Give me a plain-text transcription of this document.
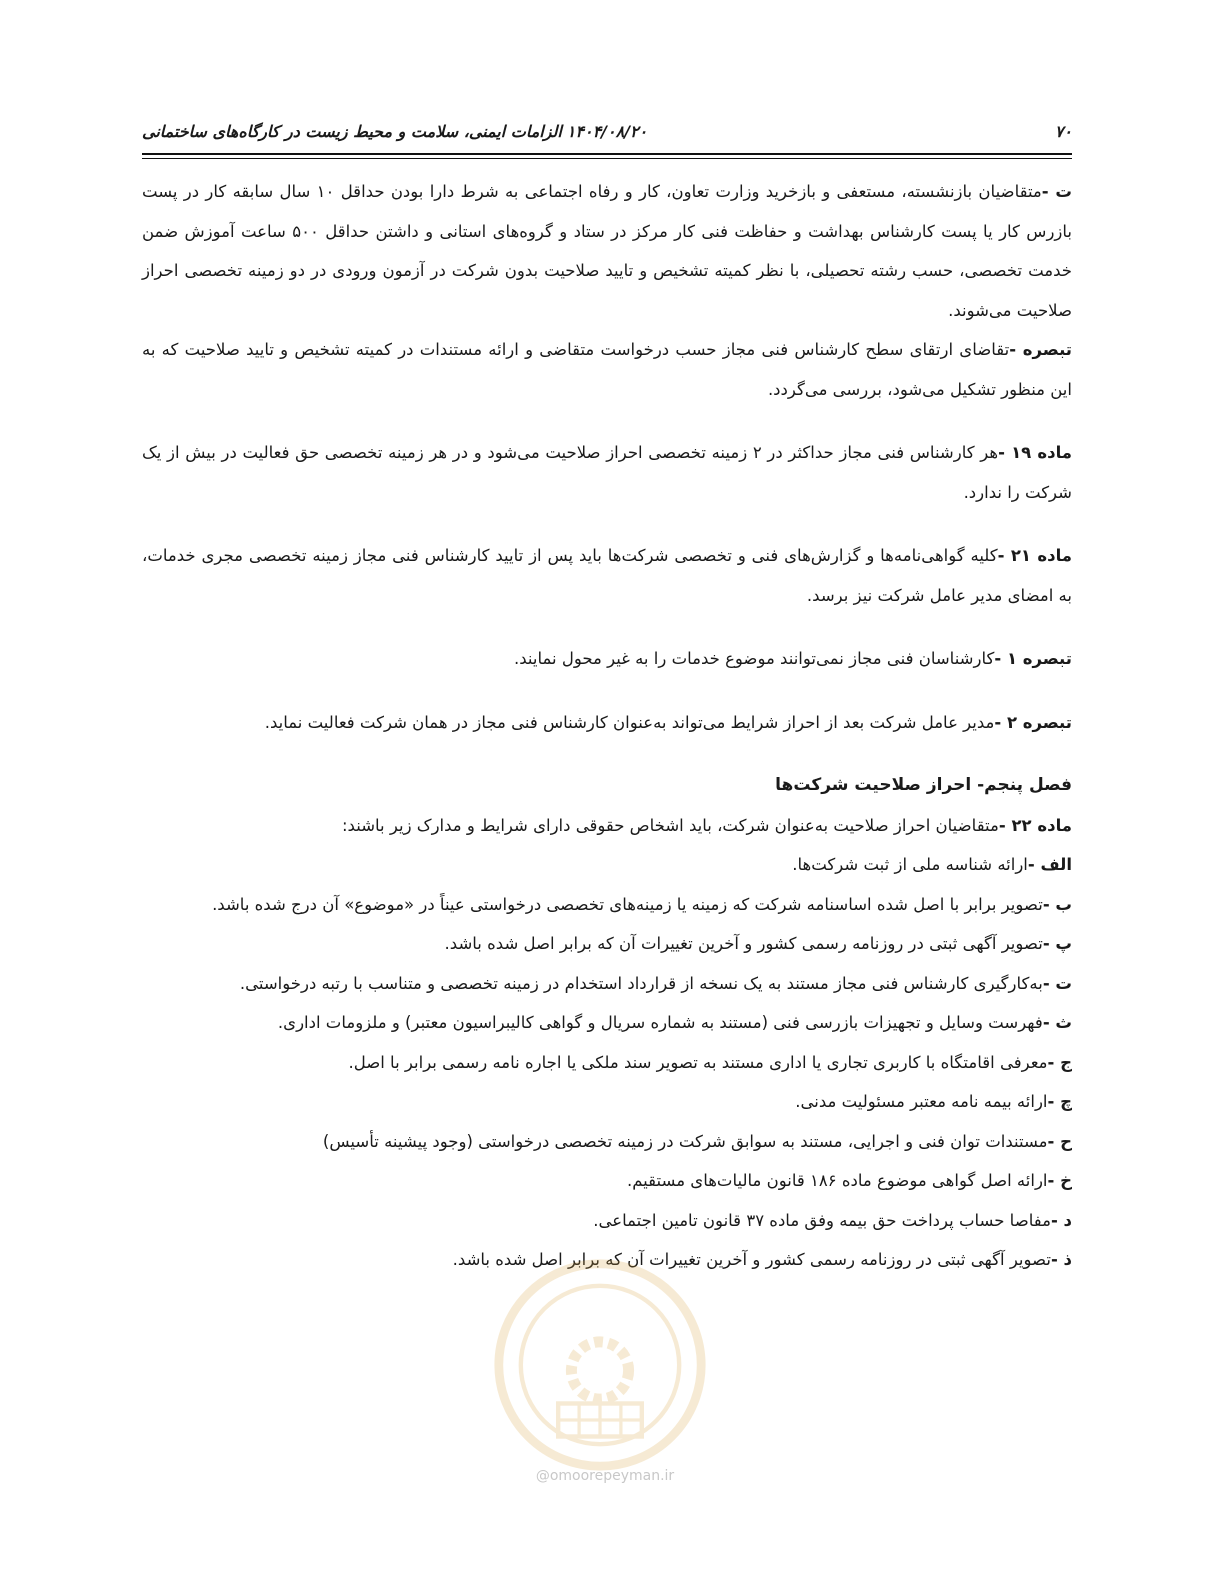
۷۰
۱۴۰۴/۰۸/۲۰
الزامات ایمنی، سلامت و محیط زیست در کارگاه‌های ساختمانی

ت -متقاضیان بازنشسته، مستعفی و بازخرید وزارت تعاون، کار و رفاه اجتماعی به شرط دارا بودن حداقل ۱۰ سال سابقه کار در پست بازرس کار یا پست کارشناس بهداشت و حفاظت فنی کار مرکز در ستاد و گروه‌های استانی و داشتن حداقل ۵۰۰ ساعت آموزش ضمن خدمت تخصصی، حسب رشته تحصیلی، با نظر کمیته تشخیص و تایید صلاحیت بدون شرکت در آزمون ورودی در دو زمینه تخصصی احراز صلاحیت می‌شوند.

تبصره -تقاضای ارتقای سطح کارشناس فنی مجاز حسب درخواست متقاضی و ارائه مستندات در کمیته تشخیص و تایید صلاحیت که به این منظور تشکیل می‌شود، بررسی می‌گردد.

ماده ۱۹ -هر کارشناس فنی مجاز حداکثر در ۲ زمینه تخصصی احراز صلاحیت می‌شود و در هر زمینه تخصصی حق فعالیت در بیش از یک شرکت را ندارد.

ماده ۲۱ -کلیه گواهی‌نامه‌ها و گزارش‌های فنی و تخصصی شرکت‌ها باید پس از تایید کارشناس فنی مجاز زمینه تخصصی مجری خدمات، به امضای مدیر عامل شرکت نیز برسد.

تبصره ۱ -کارشناسان فنی مجاز نمی‌توانند موضوع خدمات را به غیر محول نمایند.

تبصره ۲ -مدیر عامل شرکت بعد از احراز شرایط می‌تواند به‌عنوان کارشناس فنی مجاز در همان شرکت فعالیت نماید.

فصل پنجم- احراز صلاحیت شرکت‌ها

ماده ۲۲ -متقاضیان احراز صلاحیت به‌عنوان شرکت، باید اشخاص حقوقی دارای شرایط و مدارک زیر باشند:

الف -ارائه شناسه ملی از ثبت شرکت‌ها.

ب -تصویر برابر با اصل شده اساسنامه شرکت که زمینه یا زمینه‌های تخصصی درخواستی عیناً در «موضوع» آن درج شده باشد.

پ -تصویر آگهی ثبتی در روزنامه رسمی کشور و آخرین تغییرات آن که برابر اصل شده باشد.

ت -به‌کارگیری کارشناس فنی مجاز مستند به یک نسخه از قرارداد استخدام در زمینه تخصصی و متناسب با رتبه درخواستی.

ث -فهرست وسایل و تجهیزات بازرسی فنی (مستند به شماره سریال و گواهی کالیبراسیون معتبر) و ملزومات اداری.

ج -معرفی اقامتگاه با کاربری تجاری یا اداری مستند به تصویر سند ملکی یا اجاره نامه رسمی برابر با اصل.

چ -ارائه بیمه نامه معتبر مسئولیت مدنی.

ح -مستندات توان فنی و اجرایی، مستند به سوابق شرکت در زمینه تخصصی درخواستی (وجود پیشینه تأسیس)

خ -ارائه اصل گواهی موضوع ماده ۱۸۶ قانون مالیات‌های مستقیم.

د -مفاصا حساب پرداخت حق بیمه وفق ماده ۳۷ قانون تامین اجتماعی.

ذ -تصویر آگهی ثبتی در روزنامه رسمی کشور و آخرین تغییرات آن که برابر اصل شده باشد.

@omoorepeyman.ir
